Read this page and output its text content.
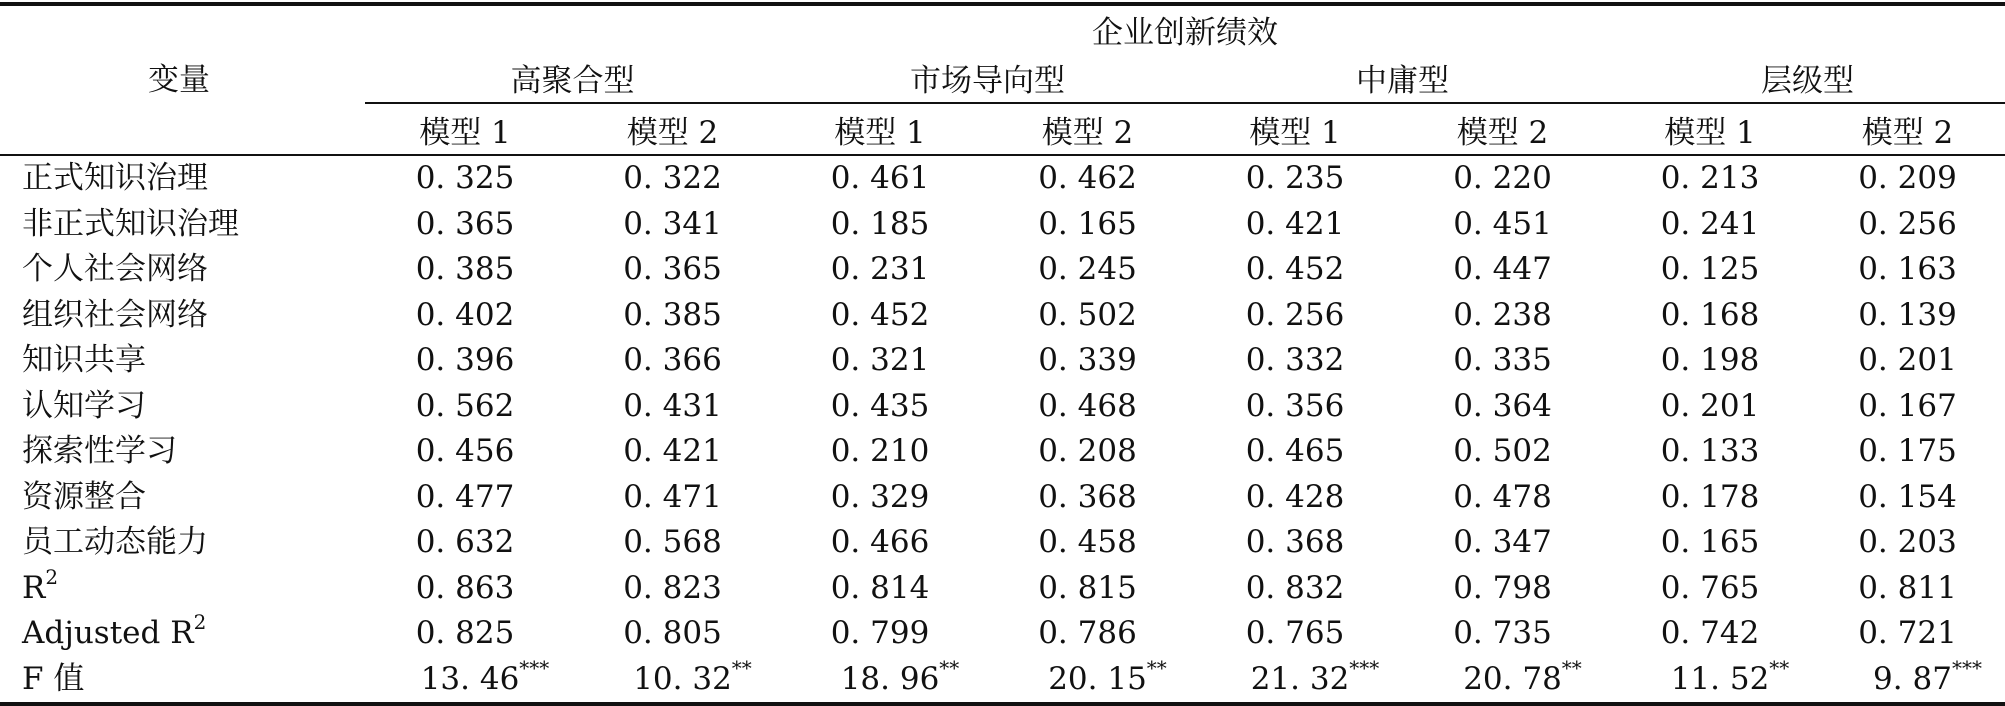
	企业创新绩效							
变量	高聚合型		市场导向型		中庸型		层级型	
	模型 1	模型 2	模型 1	模型 2	模型 1	模型 2	模型 1	模型 2
正式知识治理	0. 325	0. 322	0. 461	0. 462	0. 235	0. 220	0. 213	0. 209
非正式知识治理	0. 365	0. 341	0. 185	0. 165	0. 421	0. 451	0. 241	0. 256
个人社会网络	0. 385	0. 365	0. 231	0. 245	0. 452	0. 447	0. 125	0. 163
组织社会网络	0. 402	0. 385	0. 452	0. 502	0. 256	0. 238	0. 168	0. 139
知识共享	0. 396	0. 366	0. 321	0. 339	0. 332	0. 335	0. 198	0. 201
认知学习	0. 562	0. 431	0. 435	0. 468	0. 356	0. 364	0. 201	0. 167
探索性学习	0. 456	0. 421	0. 210	0. 208	0. 465	0. 502	0. 133	0. 175
资源整合	0. 477	0. 471	0. 329	0. 368	0. 428	0. 478	0. 178	0. 154
员工动态能力	0. 632	0. 568	0. 466	0. 458	0. 368	0. 347	0. 165	0. 203
$R^2$	0. 863	0. 823	0. 814	0. 815	0. 832	0. 798	0. 765	0. 811
Adjusted $R^2$	0. 825	0. 805	0. 799	0. 786	0. 765	0. 735	0. 742	0. 721
F 值	13. 46***	10. 32**	18. 96**	20. 15**	21. 32***	20. 78**	11. 52**	9. 87***
